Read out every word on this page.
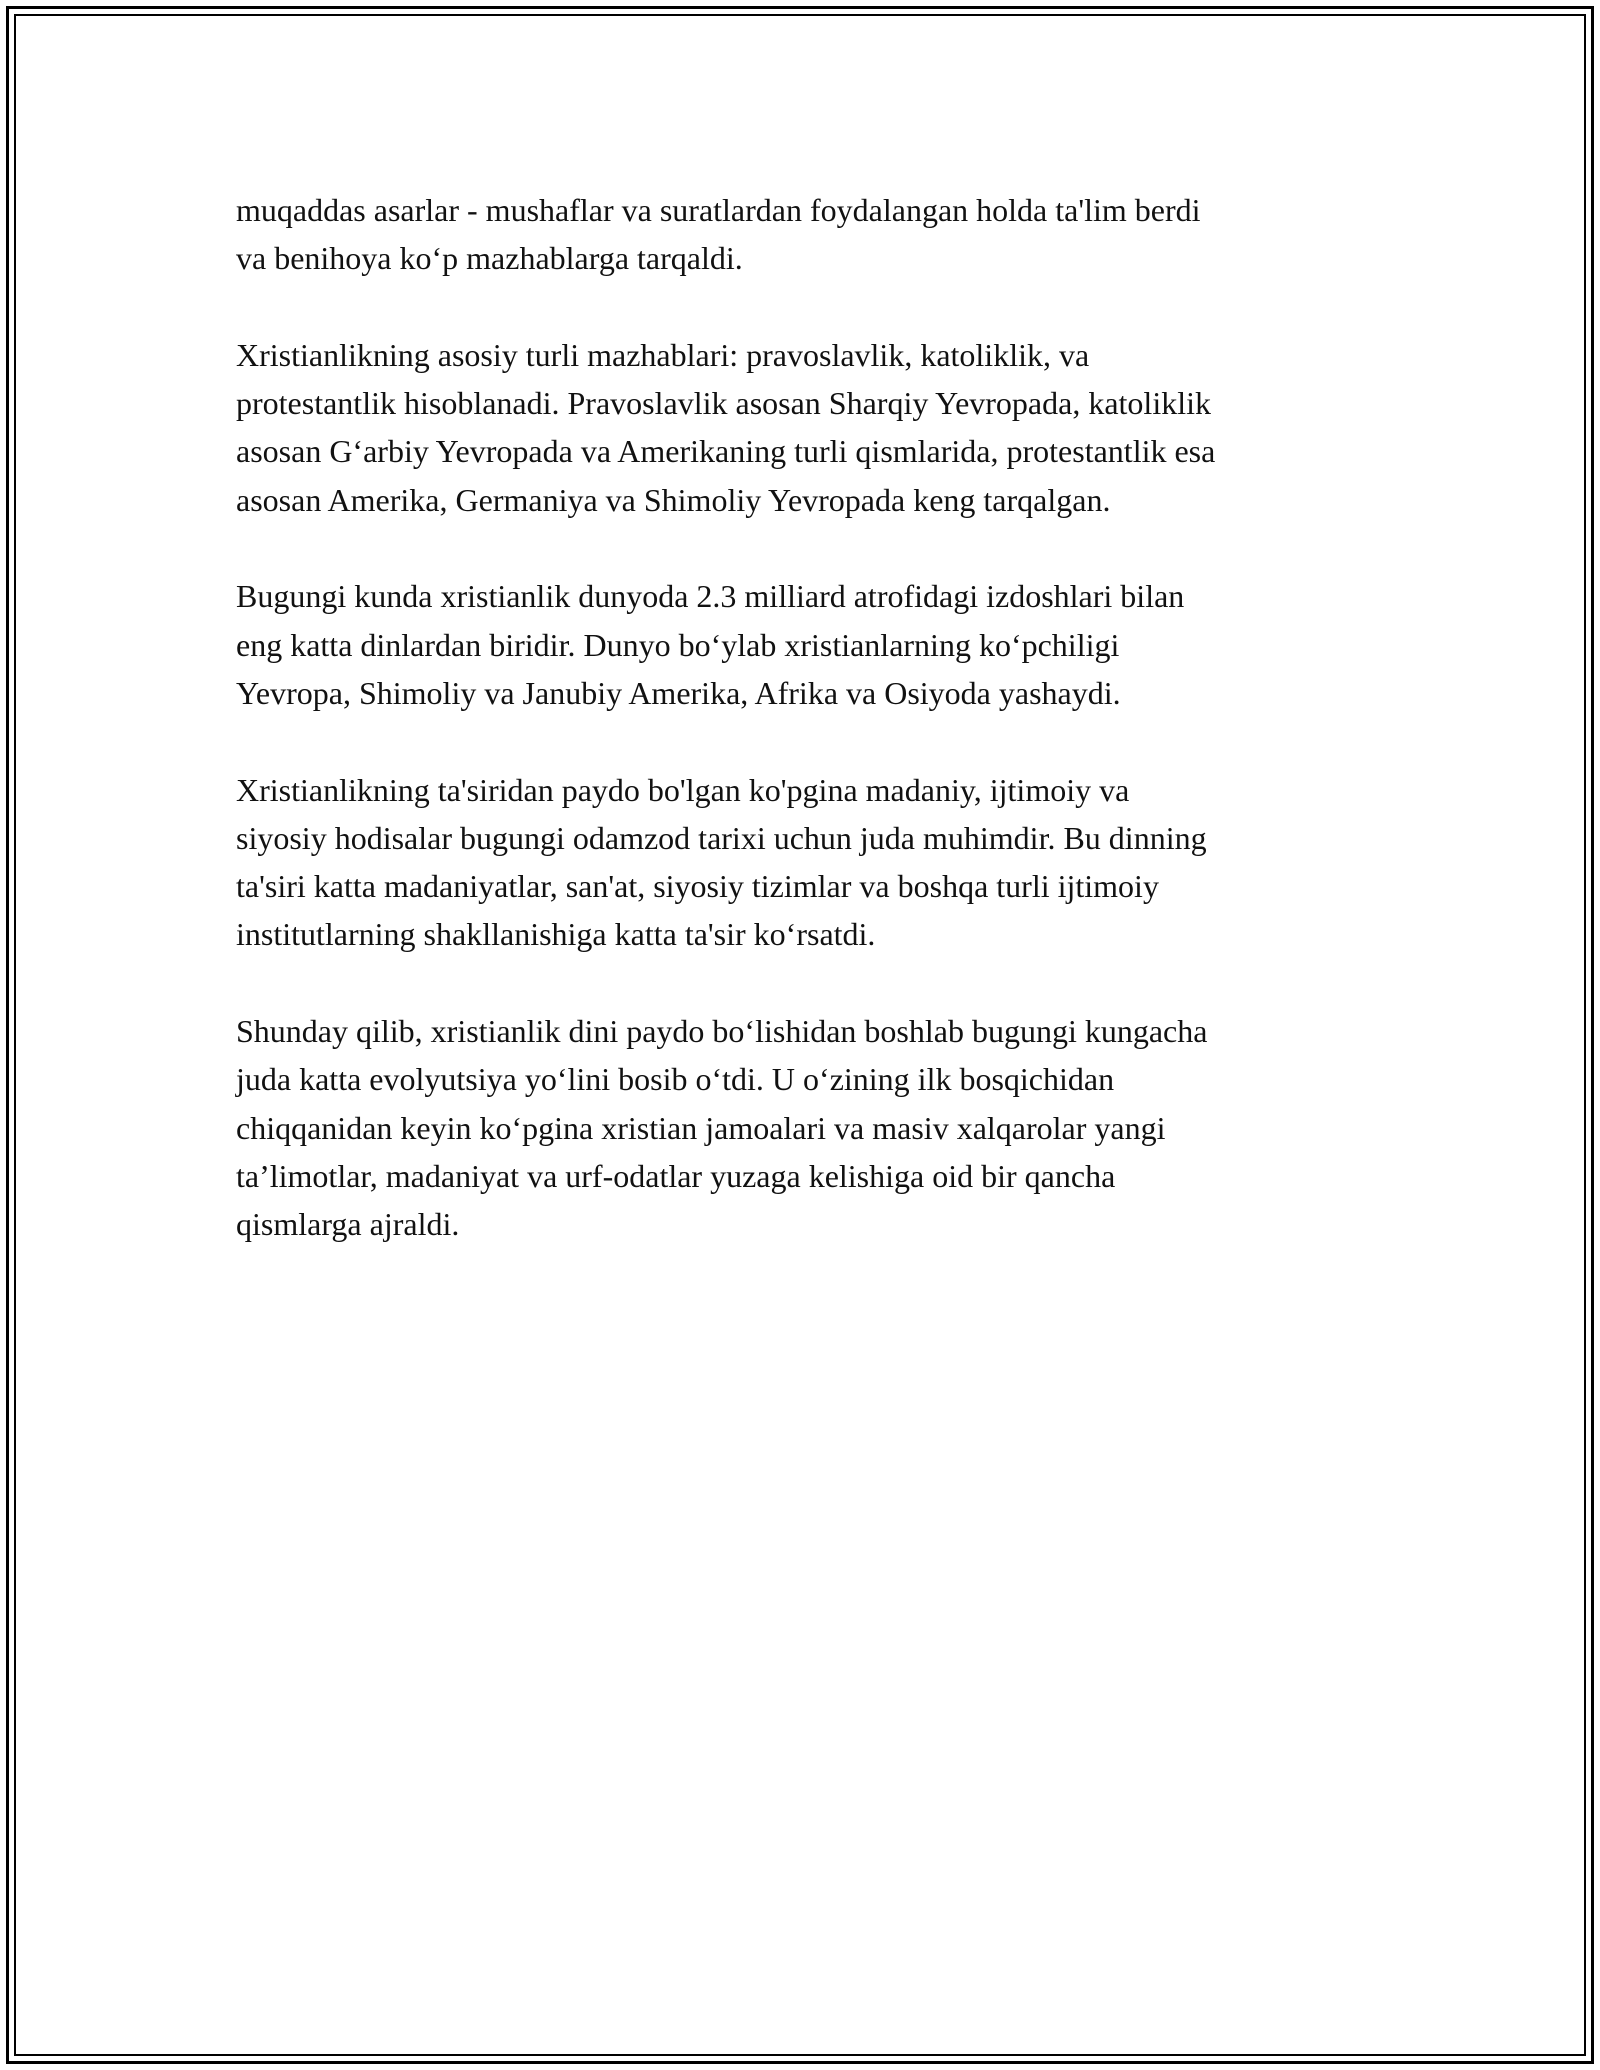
muqaddas asarlar - mushaflar va suratlardan foydalangan holda ta'lim berdi
va benihoya ko‘p mazhablarga tarqaldi.

Xristianlikning asosiy turli mazhablari: pravoslavlik, katoliklik, va
protestantlik hisoblanadi. Pravoslavlik asosan Sharqiy Yevropada, katoliklik
asosan G‘arbiy Yevropada va Amerikaning turli qismlarida, protestantlik esa
asosan Amerika, Germaniya va Shimoliy Yevropada keng tarqalgan.

Bugungi kunda xristianlik dunyoda 2.3 milliard atrofidagi izdoshlari bilan
eng katta dinlardan biridir. Dunyo bo‘ylab xristianlarning ko‘pchiligi
Yevropa, Shimoliy va Janubiy Amerika, Afrika va Osiyoda yashaydi.

Xristianlikning ta'siridan paydo bo'lgan ko'pgina madaniy, ijtimoiy va
siyosiy hodisalar bugungi odamzod tarixi uchun juda muhimdir. Bu dinning
ta'siri katta madaniyatlar, san'at, siyosiy tizimlar va boshqa turli ijtimoiy
institutlarning shakllanishiga katta ta'sir ko‘rsatdi.

Shunday qilib, xristianlik dini paydo bo‘lishidan boshlab bugungi kungacha
juda katta evolyutsiya yo‘lini bosib o‘tdi. U o‘zining ilk bosqichidan
chiqqanidan keyin ko‘pgina xristian jamoalari va masiv xalqarolar yangi
ta’limotlar, madaniyat va urf-odatlar yuzaga kelishiga oid bir qancha
qismlarga ajraldi.
